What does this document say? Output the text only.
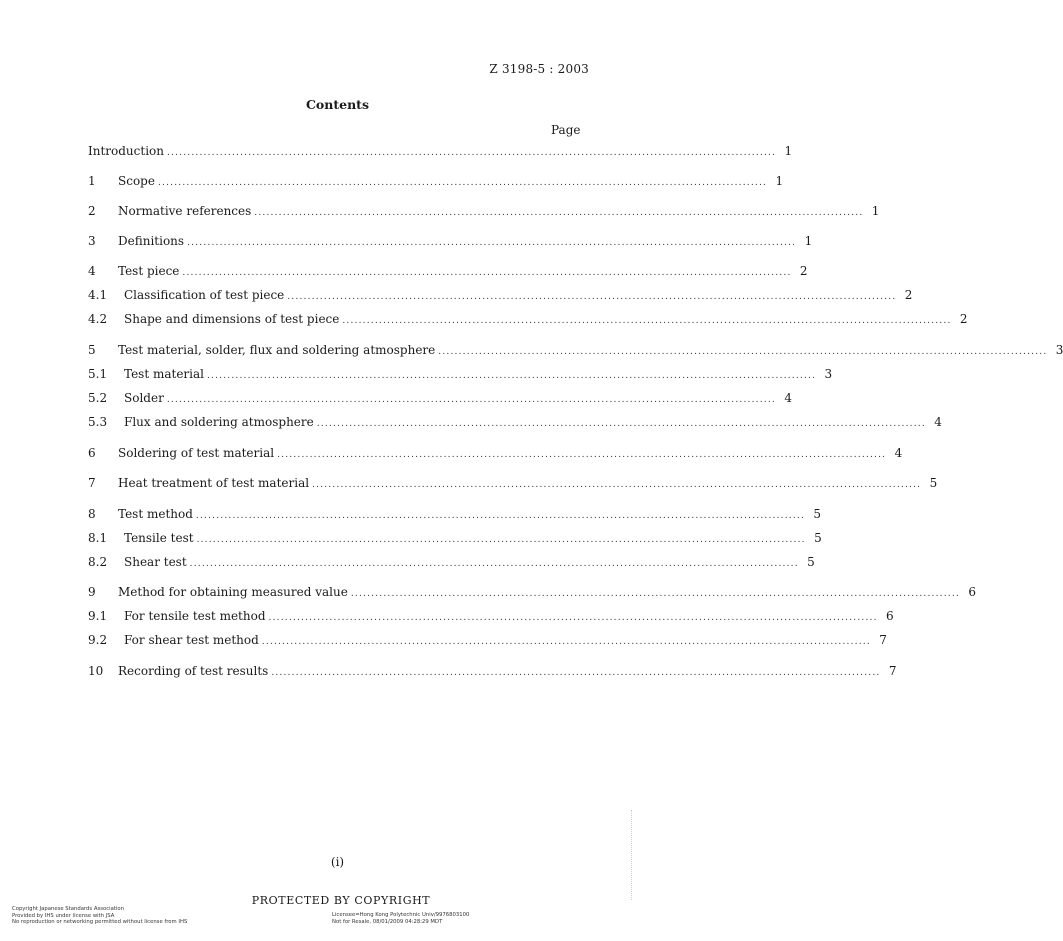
Z 3198-5 : 2003
Contents
Page
Introduction ...................................................................................................................................................... 1
1	Scope ...................................................................................................................................................... 1
2	Normative references ...................................................................................................................................................... 1
3	Definitions ...................................................................................................................................................... 1
4	Test piece ...................................................................................................................................................... 2
4.1	Classification of test piece ...................................................................................................................................................... 2
4.2	Shape and dimensions of test piece ...................................................................................................................................................... 2
5	Test material, solder, flux and soldering atmosphere ...................................................................................................................................................... 3
5.1	Test material ...................................................................................................................................................... 3
5.2	Solder ...................................................................................................................................................... 4
5.3	Flux and soldering atmosphere ...................................................................................................................................................... 4
6	Soldering of test material ...................................................................................................................................................... 4
7	Heat treatment of test material ...................................................................................................................................................... 5
8	Test method ...................................................................................................................................................... 5
8.1	Tensile test ...................................................................................................................................................... 5
8.2	Shear test ...................................................................................................................................................... 5
9	Method for obtaining measured value ...................................................................................................................................................... 6
9.1	For tensile test method ...................................................................................................................................................... 6
9.2	For shear test method ...................................................................................................................................................... 7
10	Recording of test results ...................................................................................................................................................... 7
(i)
PROTECTED BY COPYRIGHT
Copyright Japanese Standards Association
Provided by IHS under license with JSA
No reproduction or networking permitted without license from IHS
Licensee=Hong Kong Polytechnic Univ/9976803100
Not for Resale, 08/01/2009 04:28:29 MDT
